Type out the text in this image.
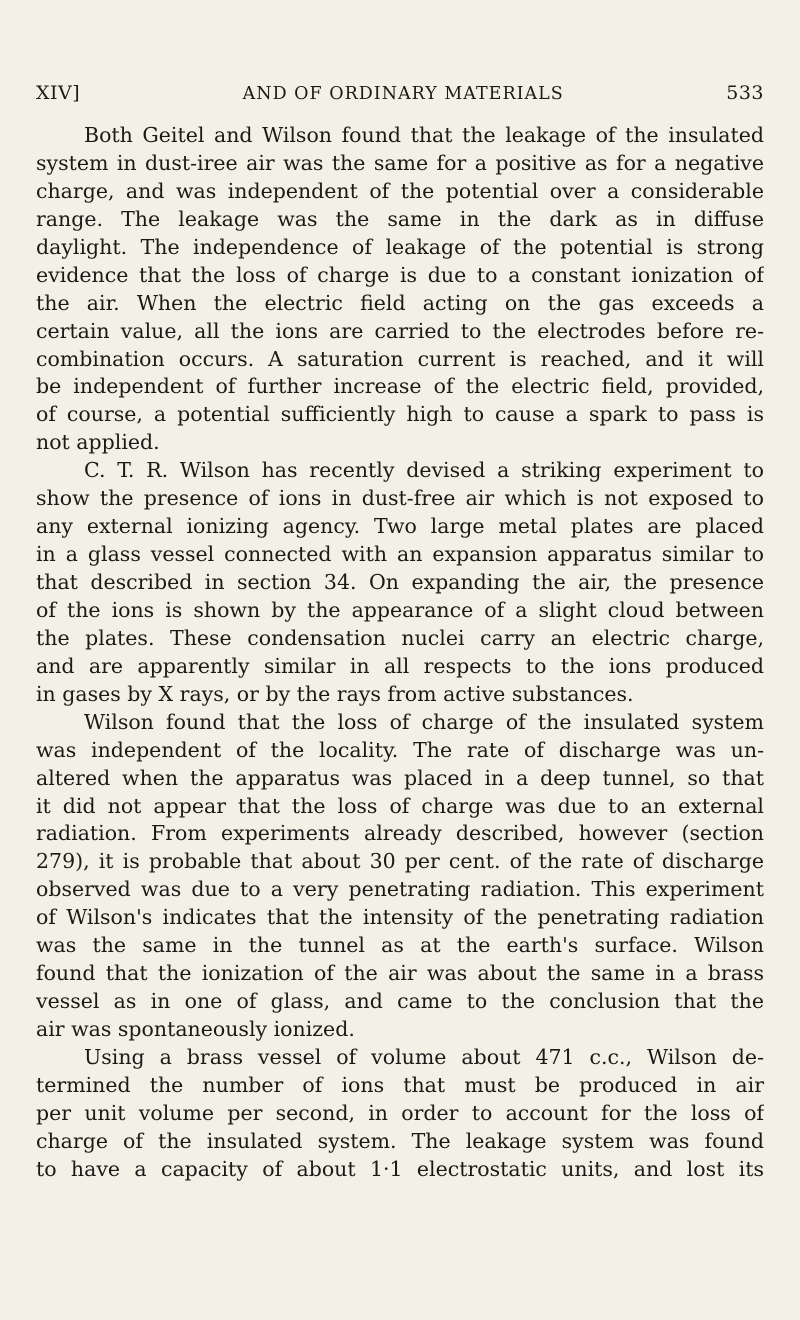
XIV]	AND OF ORDINARY MATERIALS	533
Both Geitel and Wilson found that the leakage of the insulated
system in dust-iree air was the same for a positive as for a negative
charge, and was independent of the potential over a considerable
range. The leakage was the same in the dark as in diffuse
daylight. The independence of leakage of the potential is strong
evidence that the loss of charge is due to a constant ionization of
the air. When the electric field acting on the gas exceeds a
certain value, all the ions are carried to the electrodes before re-
combination occurs. A saturation current is reached, and it will
be independent of further increase of the electric field, provided,
of course, a potential sufficiently high to cause a spark to pass is
not applied.
C. T. R. Wilson has recently devised a striking experiment to
show the presence of ions in dust-free air which is not exposed to
any external ionizing agency. Two large metal plates are placed
in a glass vessel connected with an expansion apparatus similar to
that described in section 34. On expanding the air, the presence
of the ions is shown by the appearance of a slight cloud between
the plates. These condensation nuclei carry an electric charge,
and are apparently similar in all respects to the ions produced
in gases by X rays, or by the rays from active substances.
Wilson found that the loss of charge of the insulated system
was independent of the locality. The rate of discharge was un-
altered when the apparatus was placed in a deep tunnel, so that
it did not appear that the loss of charge was due to an external
radiation. From experiments already described, however (section
279), it is probable that about 30 per cent. of the rate of discharge
observed was due to a very penetrating radiation. This experiment
of Wilson's indicates that the intensity of the penetrating radiation
was the same in the tunnel as at the earth's surface. Wilson
found that the ionization of the air was about the same in a brass
vessel as in one of glass, and came to the conclusion that the
air was spontaneously ionized.
Using a brass vessel of volume about 471 c.c., Wilson de-
termined the number of ions that must be produced in air
per unit volume per second, in order to account for the loss of
charge of the insulated system. The leakage system was found
to have a capacity of about 1·1 electrostatic units, and lost its
